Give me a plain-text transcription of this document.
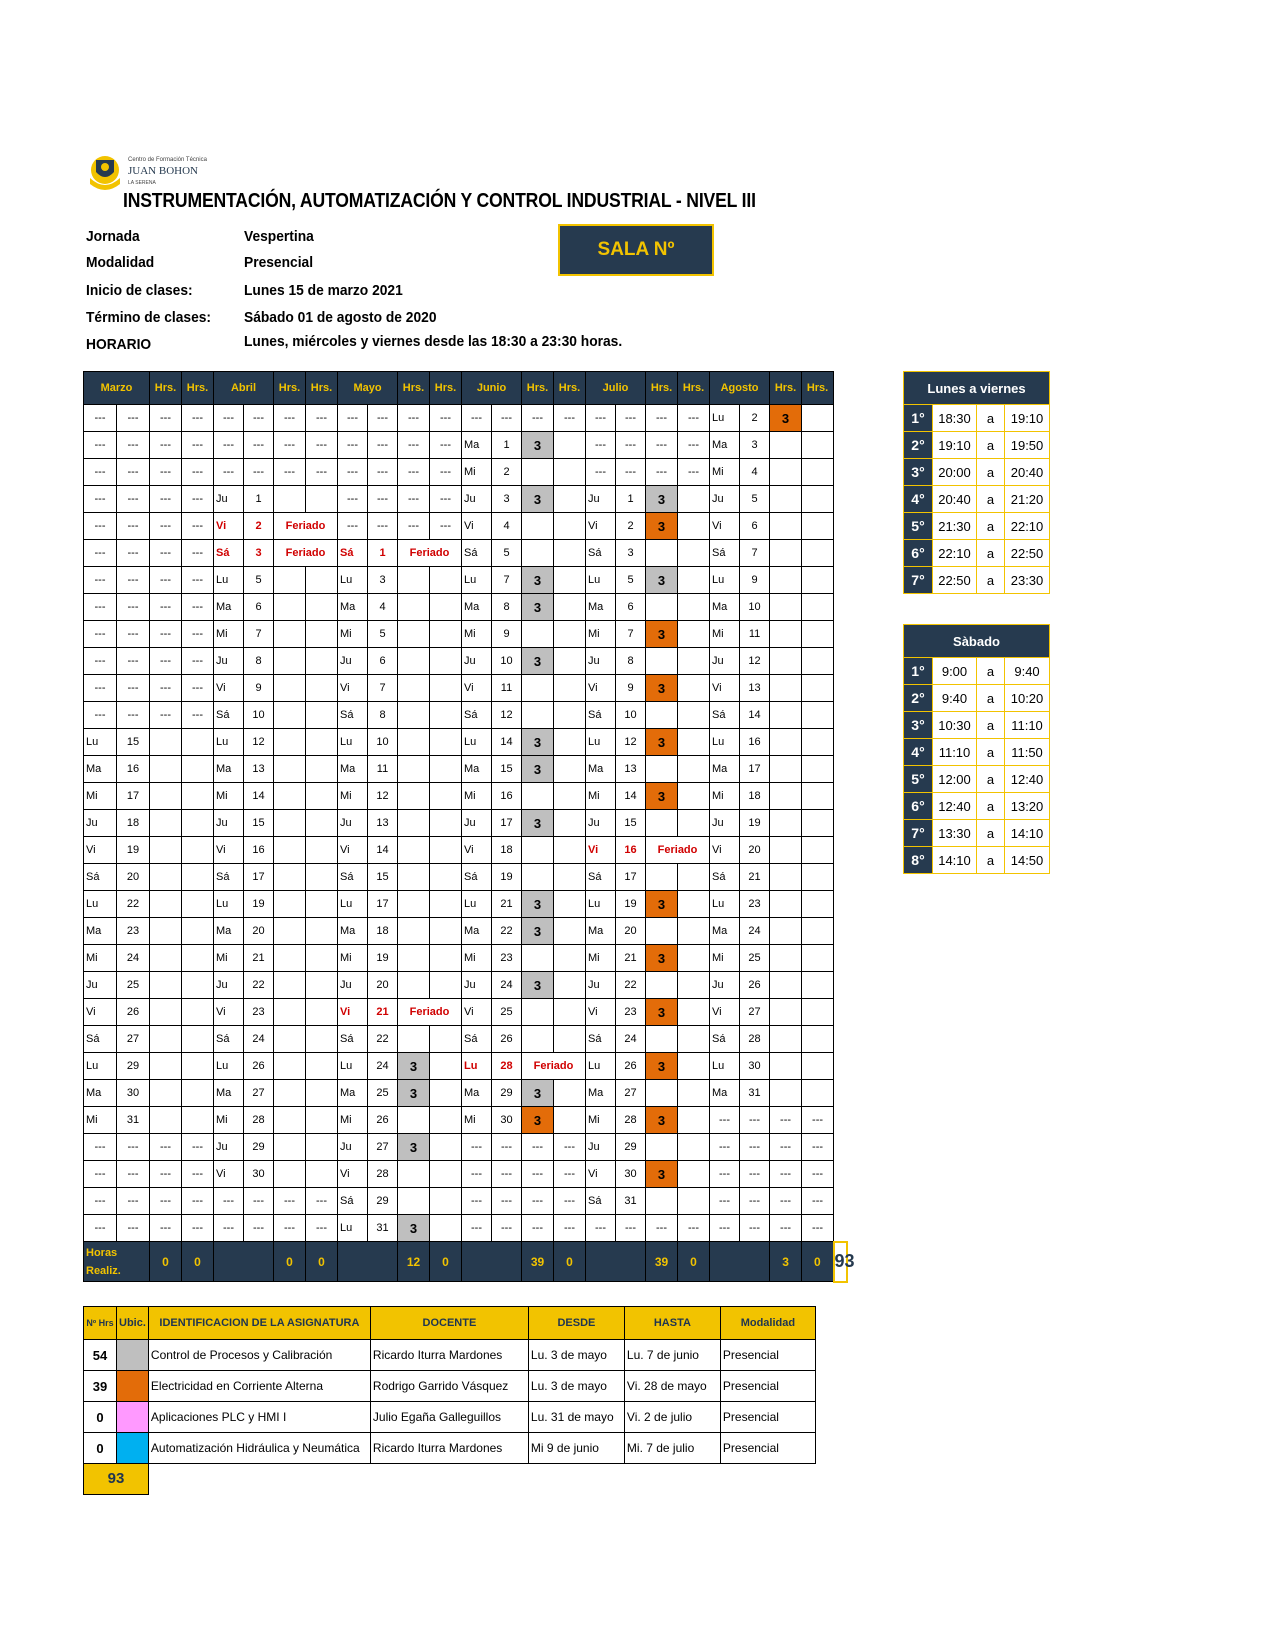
Centro de Formación Técnica
JUAN BOHON
LA SERENA
INSTRUMENTACIÓN, AUTOMATIZACIÓN Y CONTROL INDUSTRIAL - NIVEL III
Jornada	Vespertina
Modalidad	Presencial
Inicio de clases:	Lunes 15 de marzo 2021
Término de clases: Sábado 01 de agosto de 2020
HORARIO	Lunes, miércoles y viernes desde las 18:30 a 23:30 horas.
SALA Nº
Marzo		Hrs.	Hrs.	Abril		Hrs.	Hrs.	Mayo		Hrs.	Hrs.	Junio		Hrs.	Hrs.	Julio		Hrs.	Hrs.	Agosto		Hrs.	Hrs.	
---	---	---	---	---	---	---	---	---	---	---	---	---	---	---	---	---	---	---	---	Lu	2	3		
---	---	---	---	---	---	---	---	---	---	---	---	Ma	1	3		---	---	---	---	Ma	3			
---	---	---	---	---	---	---	---	---	---	---	---	Mi	2			---	---	---	---	Mi	4			
---	---	---	---	Ju	1			---	---	---	---	Ju	3	3		Ju	1	3		Ju	5			
---	---	---	---	Vi	2	Feriado		---	---	---	---	Vi	4			Vi	2	3		Vi	6			
---	---	---	---	Sá	3	Feriado		Sá	1	Feriado		Sá	5			Sá	3			Sá	7			
---	---	---	---	Lu	5			Lu	3			Lu	7	3		Lu	5	3		Lu	9			
---	---	---	---	Ma	6			Ma	4			Ma	8	3		Ma	6			Ma	10			
---	---	---	---	Mi	7			Mi	5			Mi	9			Mi	7	3		Mi	11			
---	---	---	---	Ju	8			Ju	6			Ju	10	3		Ju	8			Ju	12			
---	---	---	---	Vi	9			Vi	7			Vi	11			Vi	9	3		Vi	13			
---	---	---	---	Sá	10			Sá	8			Sá	12			Sá	10			Sá	14			
Lu	15			Lu	12			Lu	10			Lu	14	3		Lu	12	3		Lu	16			
Ma	16			Ma	13			Ma	11			Ma	15	3		Ma	13			Ma	17			
Mi	17			Mi	14			Mi	12			Mi	16			Mi	14	3		Mi	18			
Ju	18			Ju	15			Ju	13			Ju	17	3		Ju	15			Ju	19			
Vi	19			Vi	16			Vi	14			Vi	18			Vi	16	Feriado		Vi	20			
Sá	20			Sá	17			Sá	15			Sá	19			Sá	17			Sá	21			
Lu	22			Lu	19			Lu	17			Lu	21	3		Lu	19	3		Lu	23			
Ma	23			Ma	20			Ma	18			Ma	22	3		Ma	20			Ma	24			
Mi	24			Mi	21			Mi	19			Mi	23			Mi	21	3		Mi	25			
Ju	25			Ju	22			Ju	20			Ju	24	3		Ju	22			Ju	26			
Vi	26			Vi	23			Vi	21	Feriado		Vi	25			Vi	23	3		Vi	27			
Sá	27			Sá	24			Sá	22			Sá	26			Sá	24			Sá	28			
Lu	29			Lu	26			Lu	24	3		Lu	28	Feriado		Lu	26	3		Lu	30			
Ma	30			Ma	27			Ma	25	3		Ma	29	3		Ma	27			Ma	31			
Mi	31			Mi	28			Mi	26			Mi	30	3		Mi	28	3		---	---	---	---	
---	---	---	---	Ju	29			Ju	27	3		---	---	---	---	Ju	29			---	---	---	---	
---	---	---	---	Vi	30			Vi	28			---	---	---	---	Vi	30	3		---	---	---	---	
---	---	---	---	---	---	---	---	Sá	29			---	---	---	---	Sá	31			---	---	---	---	
---	---	---	---	---	---	---	---	Lu	31	3		---	---	---	---	---	---	---	---	---	---	---	---	

Horas
Realiz.		0	0			0	0			12	0			39	0			39	0			3	0	93
Lunes a viernes			
1°	18:30	a	19:10
2°	19:10	a	19:50
3°	20:00	a	20:40
4°	20:40	a	21:20
5°	21:30	a	22:10
6°	22:10	a	22:50
7°	22:50	a	23:30
Sàbado			
1°	9:00	a	9:40
2°	9:40	a	10:20
3°	10:30	a	11:10
4°	11:10	a	11:50
5°	12:00	a	12:40
6°	12:40	a	13:20
7°	13:30	a	14:10
8°	14:10	a	14:50
Nº Hrs	Ubic.	IDENTIFICACION DE LA ASIGNATURA	DOCENTE	DESDE	HASTA	Modalidad
54		Control de Procesos y Calibración	Ricardo Iturra Mardones	Lu. 3 de mayo	Lu. 7 de junio	Presencial
39		Electricidad en Corriente Alterna	Rodrigo Garrido Vásquez	Lu. 3 de mayo	Vi. 28 de mayo	Presencial
0		Aplicaciones PLC y HMI I	Julio Egaña Galleguillos	Lu. 31 de mayo	Vi. 2 de julio	Presencial
0		Automatización Hidráulica y Neumática	Ricardo Iturra Mardones	Mi 9 de junio	Mi. 7 de julio	Presencial
93						
